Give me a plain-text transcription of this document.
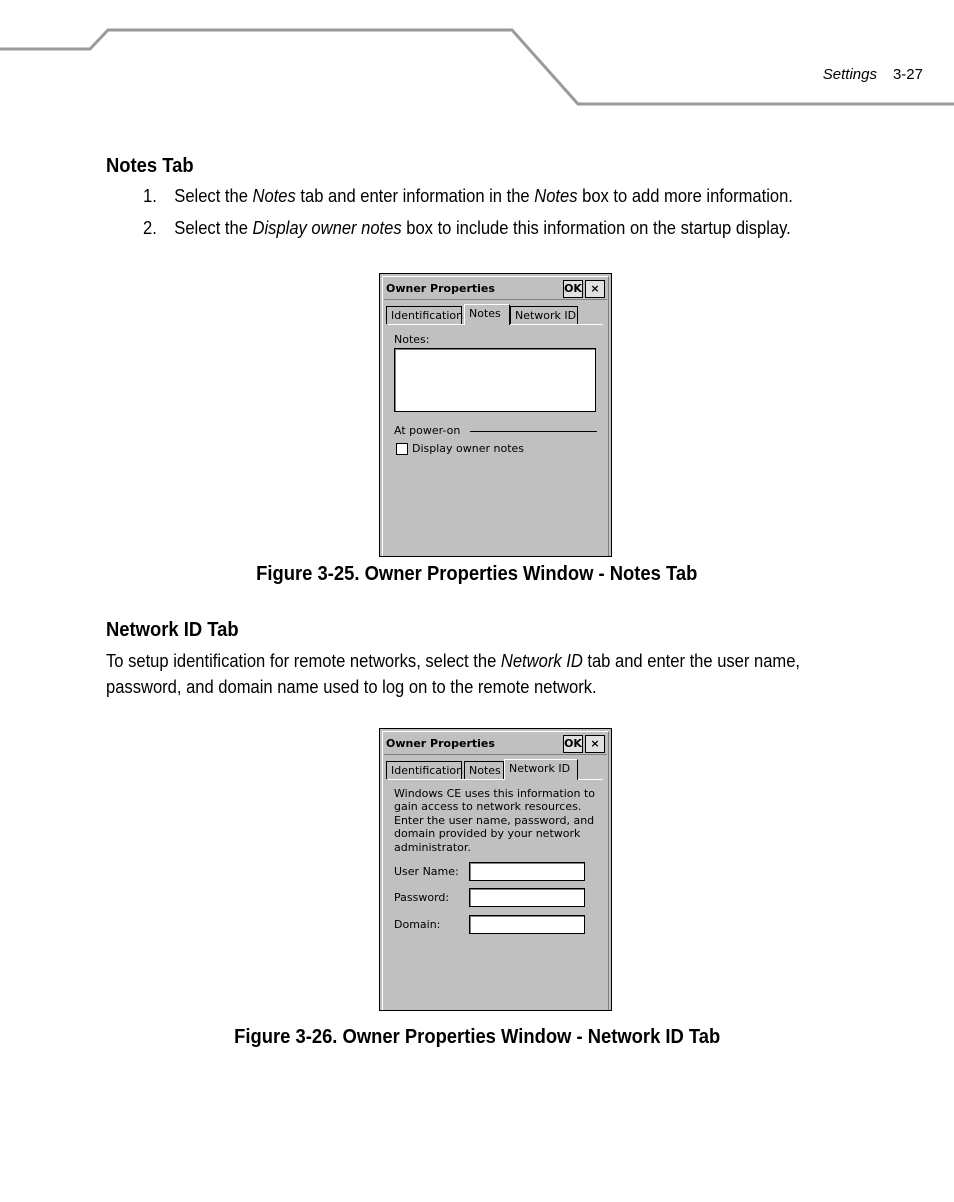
Settings 3-27
Notes Tab
1. Select the Notes tab and enter information in the Notes box to add more information.
2. Select the Display owner notes box to include this information on the startup display.
Owner Properties	OK ×
Identification Notes	Network ID
Notes:
At power-on
Display owner notes
Figure 3-25. Owner Properties Window - Notes Tab
Network ID Tab
To setup identification for remote networks, select the Network ID tab and enter the user name,
password, and domain name used to log on to the remote network.
Owner Properties	OK ×
Identification Notes Network ID
Windows CE uses this information to
gain access to network resources.
Enter the user name, password, and
domain provided by your network
administrator.
User Name:
Password:
Domain:
Figure 3-26. Owner Properties Window - Network ID Tab
